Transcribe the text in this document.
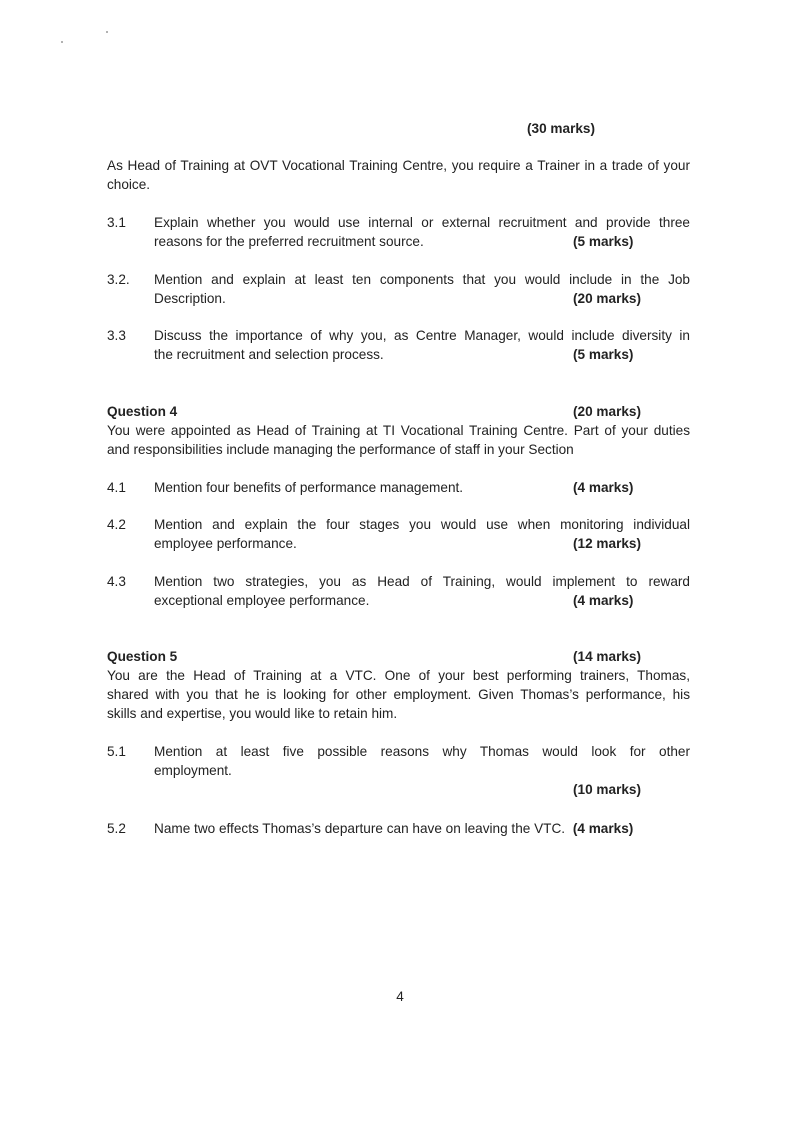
(30 marks)
As Head of Training at OVT Vocational Training Centre, you require a Trainer in a trade of your choice.
3.1	Explain whether you would use internal or external recruitment and provide three
reasons for the preferred recruitment source.	(5 marks)
3.2.	Mention and explain at least ten components that you would include in the Job
Description.	(20 marks)
3.3	Discuss the importance of why you, as Centre Manager, would include diversity in
the recruitment and selection process.	(5 marks)
Question 4	(20 marks)
You were appointed as Head of Training at TI Vocational Training Centre. Part of your duties
and responsibilities include managing the performance of staff in your Section
4.1	Mention four benefits of performance management.	(4 marks)
4.2	Mention and explain the four stages you would use when monitoring individual
employee performance.	(12 marks)
4.3	Mention two strategies, you as Head of Training, would implement to reward
exceptional employee performance.	(4 marks)
Question 5	(14 marks)
You are the Head of Training at a VTC. One of your best performing trainers, Thomas,
shared with you that he is looking for other employment. Given Thomas’s performance, his
skills and expertise, you would like to retain him.
5.1	Mention at least five possible reasons why Thomas would look for other
employment.
(10 marks)
5.2	Name two effects Thomas’s departure can have on leaving the VTC. (4 marks)
4
